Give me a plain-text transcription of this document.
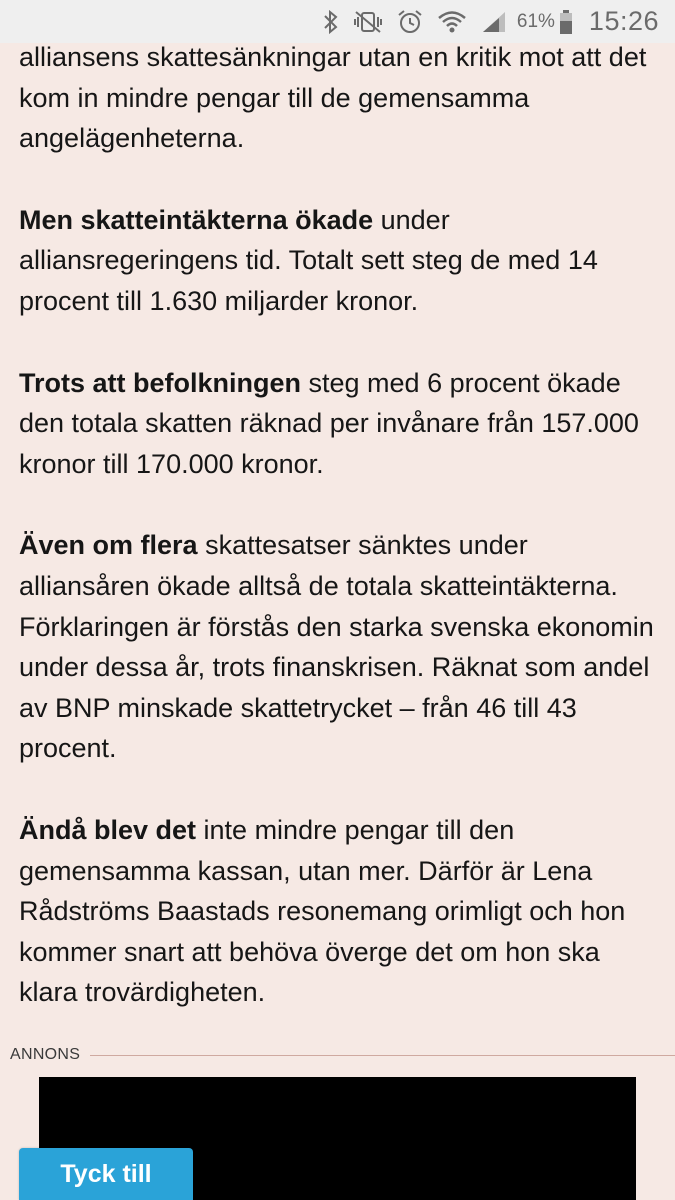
61% 15:26

alliansens skattesänkningar utan en kritik mot att det kom in mindre pengar till de gemensamma angelägenheterna.

Men skatteintäkterna ökade under alliansregeringens tid. Totalt sett steg de med 14 procent till 1.630 miljarder kronor.

Trots att befolkningen steg med 6 procent ökade den totala skatten räknad per invånare från 157.000 kronor till 170.000 kronor.

Även om flera skattesatser sänktes under alliansåren ökade alltså de totala skatteintäkterna. Förklaringen är förstås den starka svenska ekonomin under dessa år, trots finanskrisen. Räknat som andel av BNP minskade skattetrycket – från 46 till 43 procent.

Ändå blev det inte mindre pengar till den gemensamma kassan, utan mer. Därför är Lena Rådströms Baastads resonemang orimligt och hon kommer snart att behöva överge det om hon ska klara trovärdigheten.

ANNONS
Tyck till
